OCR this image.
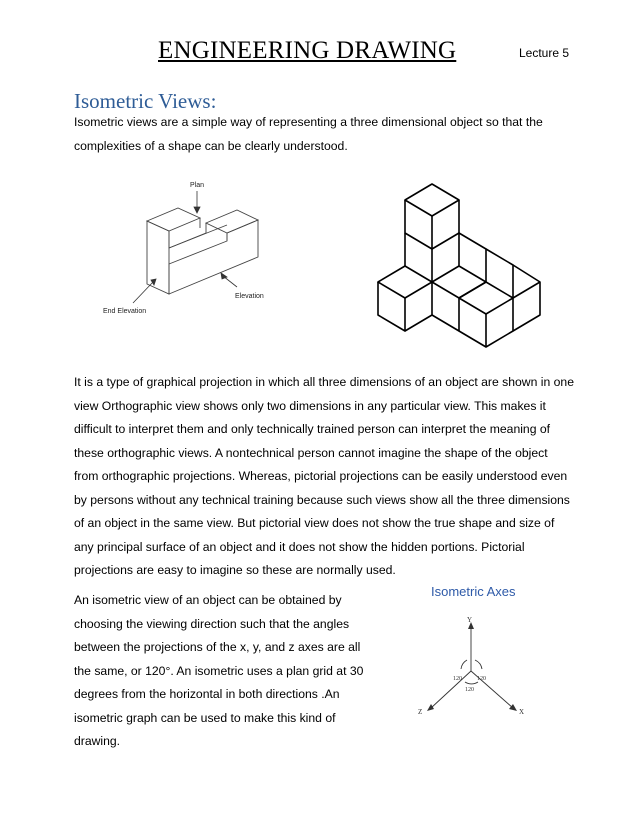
ENGINEERING DRAWING	Lecture 5
Isometric Views:
Isometric views are a simple way of representing a three dimensional object so that the complexities of a shape can be clearly understood.
Plan
Elevation
End Elevation
It is a type of graphical projection in which all three dimensions of an object are shown in one view Orthographic view shows only two dimensions in any particular view. This makes it difficult to interpret them and only technically trained person can interpret the meaning of these orthographic views. A nontechnical person cannot imagine the shape of the object from orthographic projections. Whereas, pictorial projections can be easily understood even by persons without any technical training because such views show all the three dimensions of an object in the same view. But pictorial view does not show the true shape and size of any principal surface of an object and it does not show the hidden portions. Pictorial projections are easy to imagine so these are normally used.
An isometric view of an object can be obtained by choosing the viewing direction such that the angles between the projections of the x, y, and z axes are all the same, or 120°. An isometric uses a plan grid at 30 degrees from the horizontal in both directions .An isometric graph can be used to make this kind of drawing.
Isometric Axes
Y
Z	X
120	120
120
